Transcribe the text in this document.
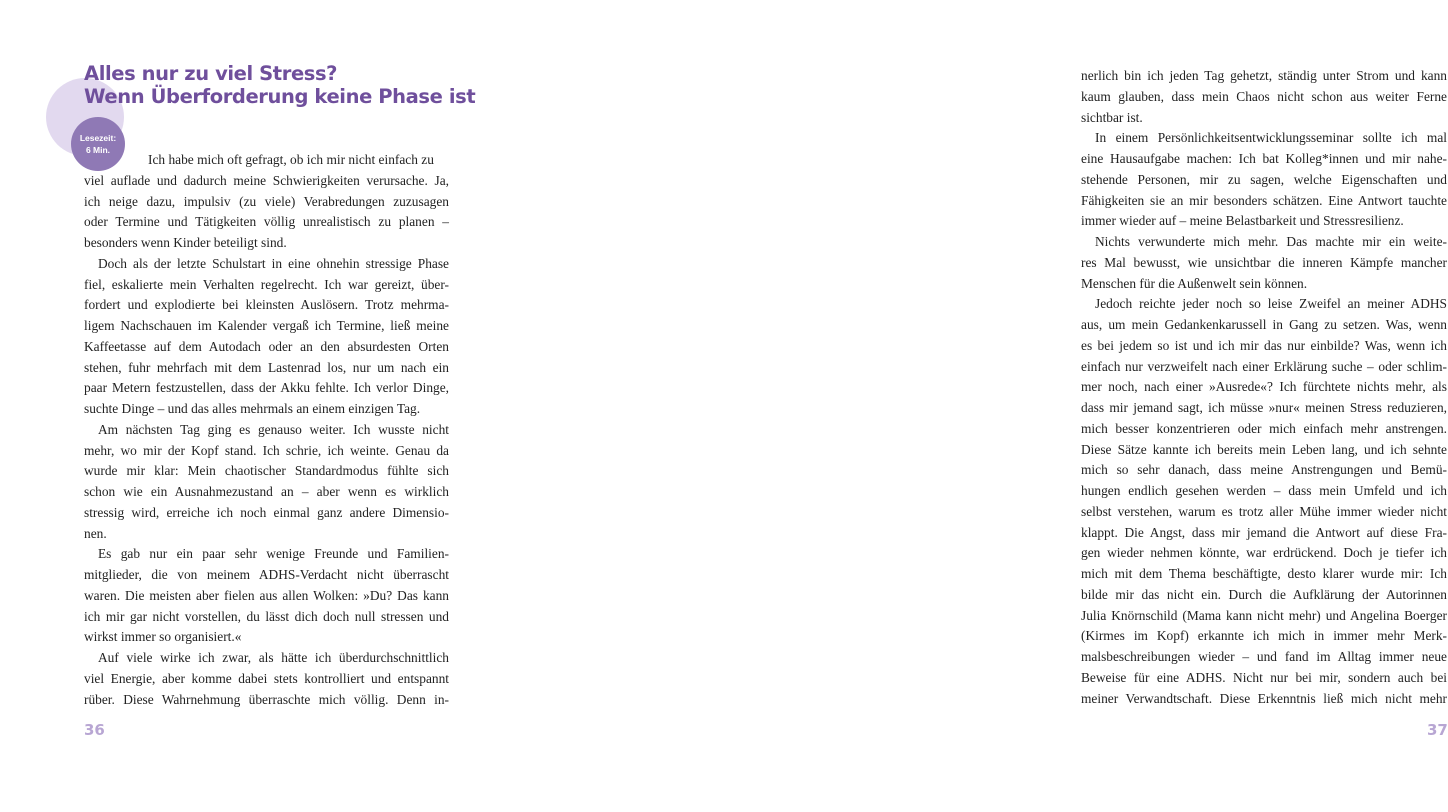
Lesezeit:
6 Min.
Alles nur zu viel Stress?
Wenn Überforderung keine Phase ist
Ich habe mich oft gefragt, ob ich mir nicht einfach zu
viel auflade und dadurch meine Schwierigkeiten verursache. Ja,
ich neige dazu, impulsiv (zu viele) Verabredungen zuzusagen
oder Termine und Tätigkeiten völlig unrealistisch zu planen –
besonders wenn Kinder beteiligt sind.
Doch als der letzte Schulstart in eine ohnehin stressige Phase
fiel, eskalierte mein Verhalten regelrecht. Ich war gereizt, über-
fordert und explodierte bei kleinsten Auslösern. Trotz mehrma-
ligem Nachschauen im Kalender vergaß ich Termine, ließ meine
Kaffeetasse auf dem Autodach oder an den absurdesten Orten
stehen, fuhr mehrfach mit dem Lastenrad los, nur um nach ein
paar Metern festzustellen, dass der Akku fehlte. Ich verlor Dinge,
suchte Dinge – und das alles mehrmals an einem einzigen Tag.
Am nächsten Tag ging es genauso weiter. Ich wusste nicht
mehr, wo mir der Kopf stand. Ich schrie, ich weinte. Genau da
wurde mir klar: Mein chaotischer Standardmodus fühlte sich
schon wie ein Ausnahmezustand an – aber wenn es wirklich
stressig wird, erreiche ich noch einmal ganz andere Dimensio-
nen.
Es gab nur ein paar sehr wenige Freunde und Familien-
mitglieder, die von meinem ADHS-Verdacht nicht überrascht
waren. Die meisten aber fielen aus allen Wolken: »Du? Das kann
ich mir gar nicht vorstellen, du lässt dich doch null stressen und
wirkst immer so organisiert.«
Auf viele wirke ich zwar, als hätte ich überdurchschnittlich
viel Energie, aber komme dabei stets kontrolliert und entspannt
rüber. Diese Wahrnehmung überraschte mich völlig. Denn in-
36
nerlich bin ich jeden Tag gehetzt, ständig unter Strom und kann
kaum glauben, dass mein Chaos nicht schon aus weiter Ferne
sichtbar ist.
In einem Persönlichkeitsentwicklungsseminar sollte ich mal
eine Hausaufgabe machen: Ich bat Kolleg*innen und mir nahe-
stehende Personen, mir zu sagen, welche Eigenschaften und
Fähigkeiten sie an mir besonders schätzen. Eine Antwort tauchte
immer wieder auf – meine Belastbarkeit und Stressresilienz.
Nichts verwunderte mich mehr. Das machte mir ein weite-
res Mal bewusst, wie unsichtbar die inneren Kämpfe mancher
Menschen für die Außenwelt sein können.
Jedoch reichte jeder noch so leise Zweifel an meiner ADHS
aus, um mein Gedankenkarussell in Gang zu setzen. Was, wenn
es bei jedem so ist und ich mir das nur einbilde? Was, wenn ich
einfach nur verzweifelt nach einer Erklärung suche – oder schlim-
mer noch, nach einer »Ausrede«? Ich fürchtete nichts mehr, als
dass mir jemand sagt, ich müsse »nur« meinen Stress reduzieren,
mich besser konzentrieren oder mich einfach mehr anstrengen.
Diese Sätze kannte ich bereits mein Leben lang, und ich sehnte
mich so sehr danach, dass meine Anstrengungen und Bemü-
hungen endlich gesehen werden – dass mein Umfeld und ich
selbst verstehen, warum es trotz aller Mühe immer wieder nicht
klappt. Die Angst, dass mir jemand die Antwort auf diese Fra-
gen wieder nehmen könnte, war erdrückend. Doch je tiefer ich
mich mit dem Thema beschäftigte, desto klarer wurde mir: Ich
bilde mir das nicht ein. Durch die Aufklärung der Autorinnen
Julia Knörnschild (Mama kann nicht mehr) und Angelina Boerger
(Kirmes im Kopf) erkannte ich mich in immer mehr Merk-
malsbeschreibungen wieder – und fand im Alltag immer neue
Beweise für eine ADHS. Nicht nur bei mir, sondern auch bei
meiner Verwandtschaft. Diese Erkenntnis ließ mich nicht mehr
37
